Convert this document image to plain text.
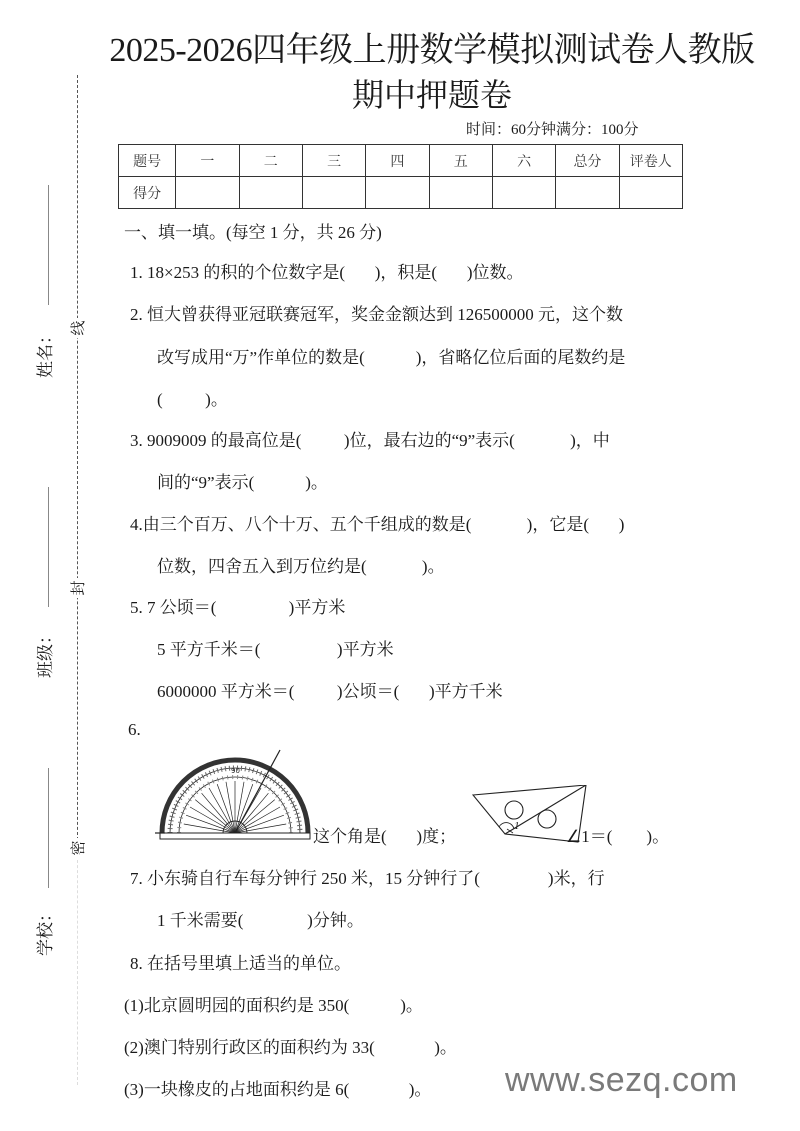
线
封
密
姓名：
班级：
学校：
2025-2026四年级上册数学模拟测试卷人教版
期中押题卷
时间：60分钟满分：100分
题号	一	二	三	四	五	六	总分	评卷人
得分								
一、填一填。(每空 1 分，共 26 分)
1. 18×253 的积的个位数字是( )，积是( )位数。
2. 恒大曾获得亚冠联赛冠军，奖金金额达到 126500000 元，这个数
改写成用“万”作单位的数是(	)，省略亿位后面的尾数约是
(	)。
3. 9009009 的最高位是(	)位，最右边的“9”表示(	)，中
间的“9”表示(	)。
4.由三个百万、八个十万、五个千组成的数是(	)，它是( )
位数，四舍五入到万位约是(	)。
5. 7 公顷＝(	)平方米
5 平方千米＝(	)平方米
6000000 平方米＝(	)公顷＝( )平方千米
6.
90
这个角是( )度；
1
∠1＝( )。
7. 小东骑自行车每分钟行 250 米，15 分钟行了(	)米，行
1 千米需要(	)分钟。
8. 在括号里填上适当的单位。
(1)北京圆明园的面积约是 350(	)。
(2)澳门特别行政区的面积约为 33(	)。
(3)一块橡皮的占地面积约是 6(	)。 www.sezq.com
